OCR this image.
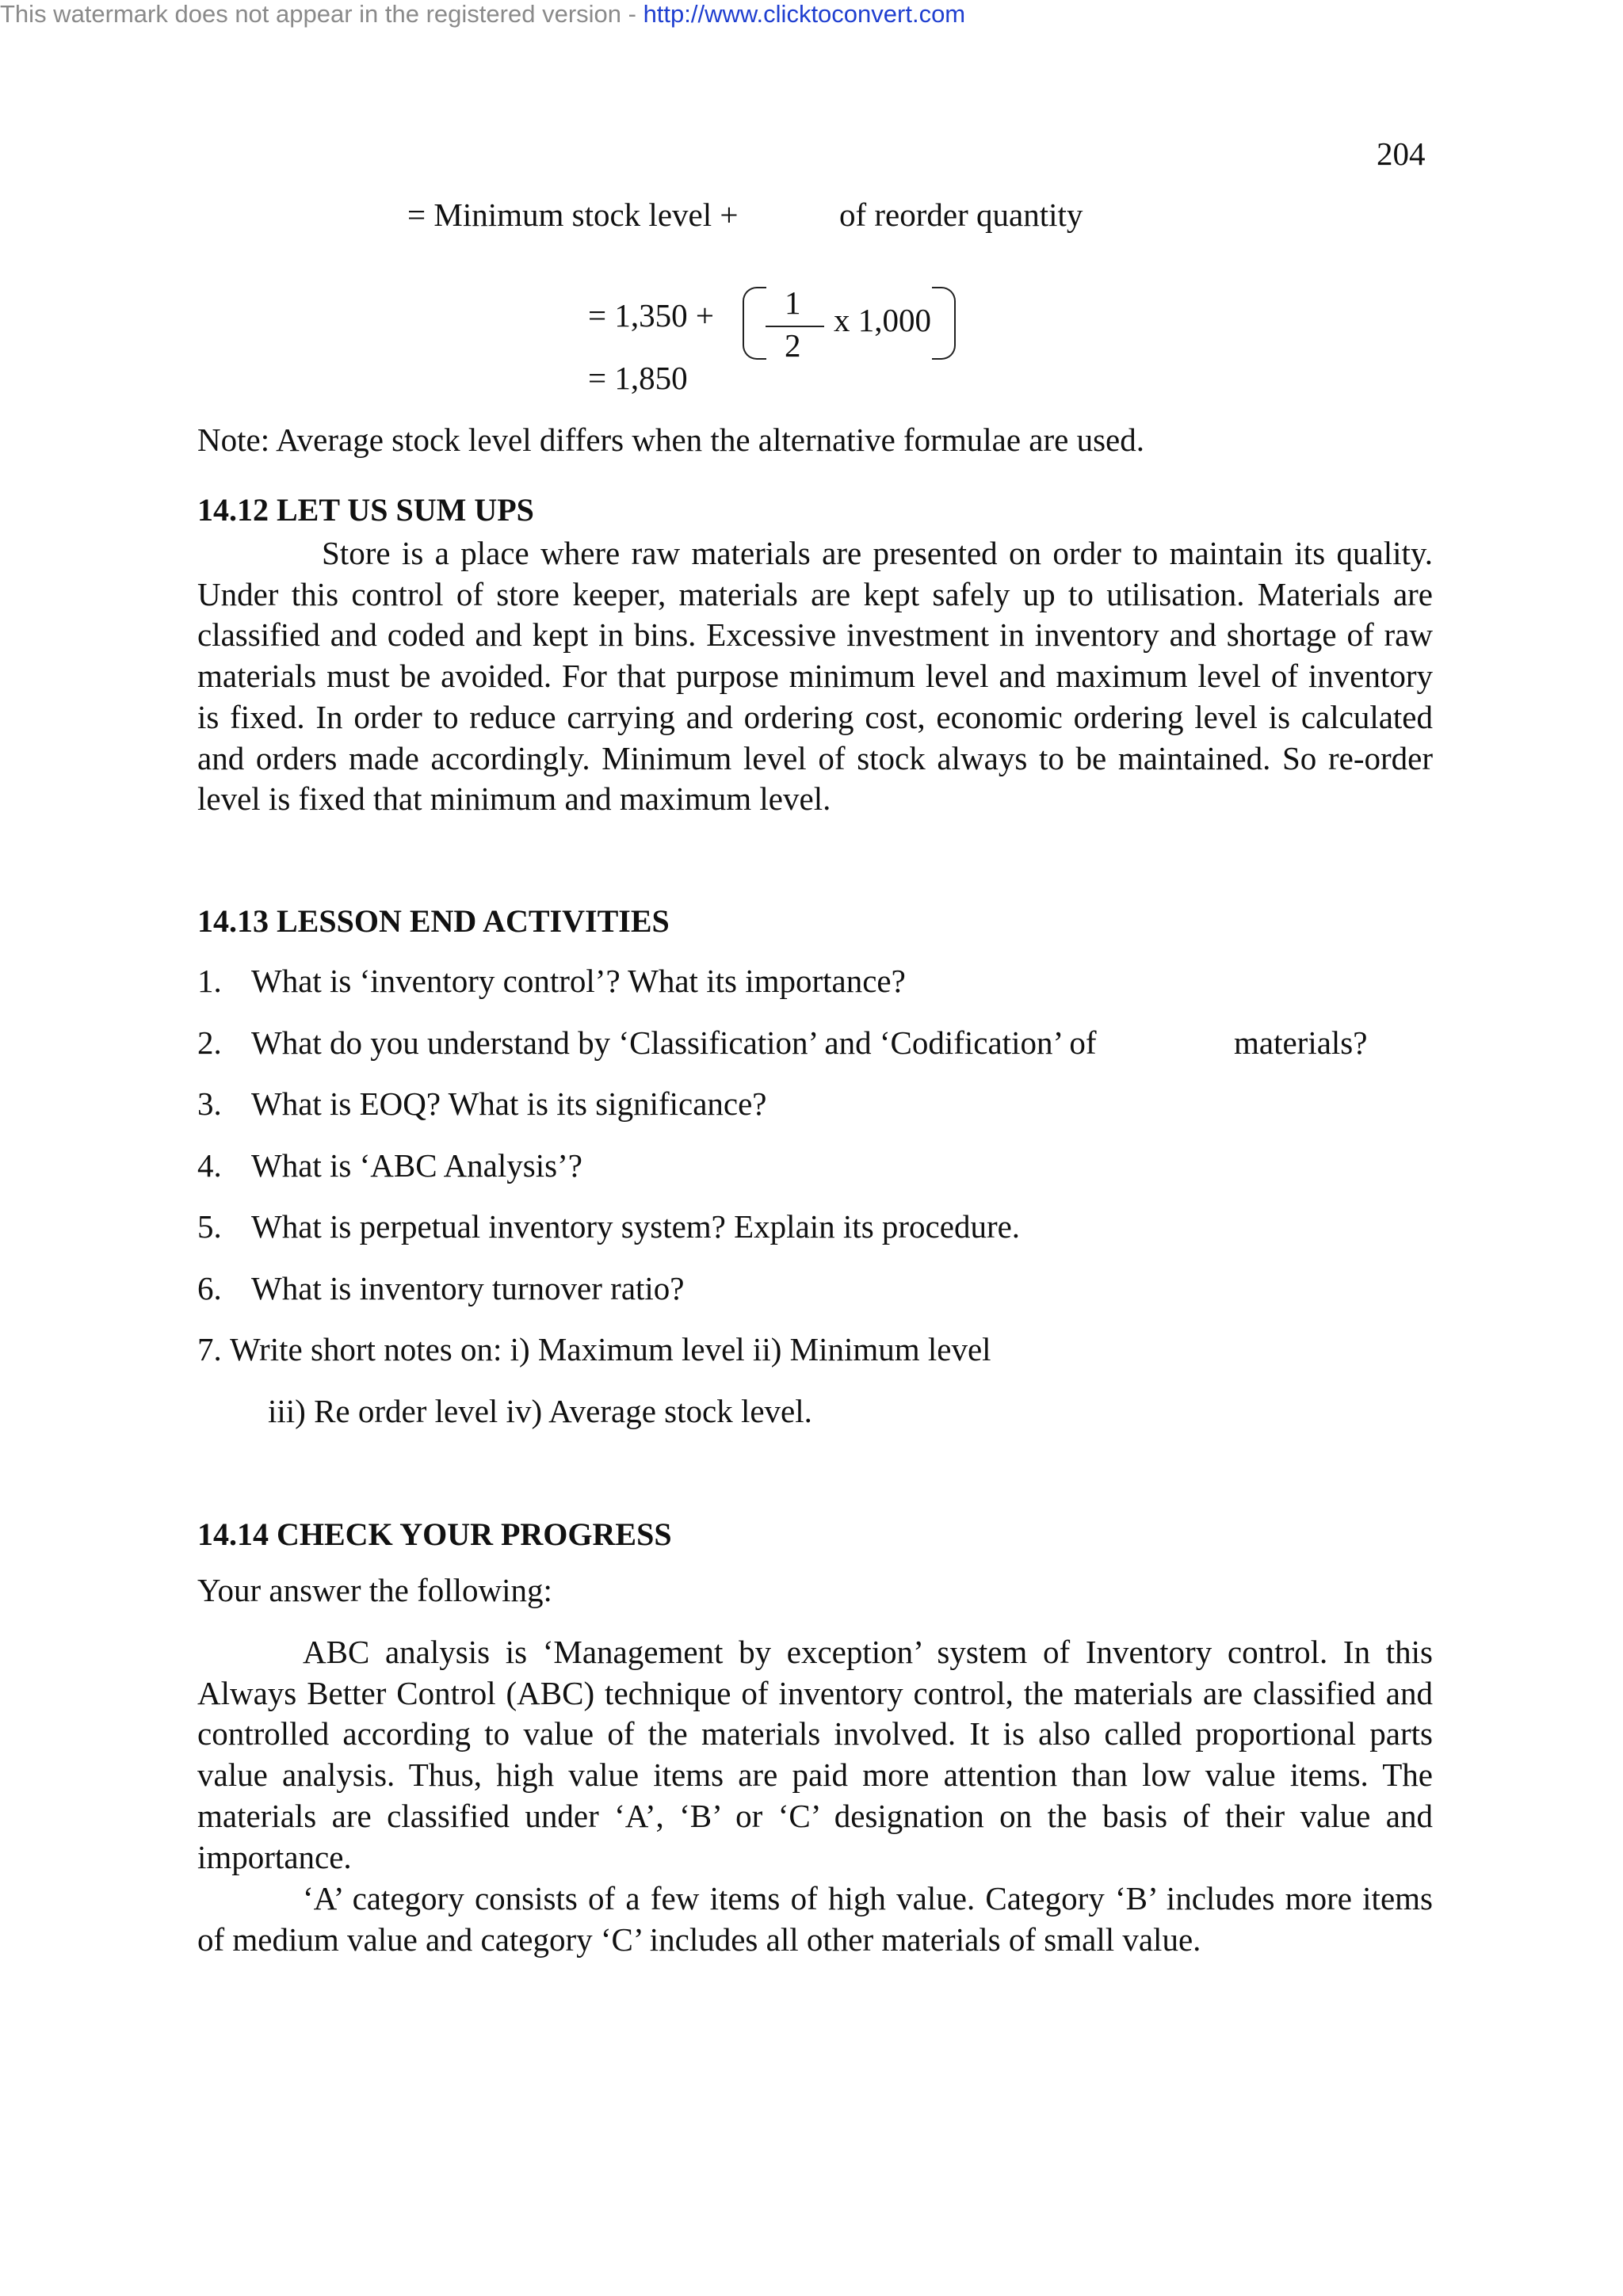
This watermark does not appear in the registered version - http://www.clicktoconvert.com
204
= Minimum stock level +	of reorder quantity
= 1,350 + 1
2
x 1,000
= 1,850
Note: Average stock level differs when the alternative formulae are used.
14.12 LET US SUM UPS

Store is a place where raw materials are presented on order to maintain its quality. Under this control of store keeper, materials are kept safely up to utilisation. Materials are classified and coded and kept in bins. Excessive investment in inventory and shortage of raw materials must be avoided. For that purpose minimum level and maximum level of inventory is fixed. In order to reduce carrying and ordering cost, economic ordering level is calculated and orders made accordingly. Minimum level of stock always to be maintained. So re-order level is fixed that minimum and maximum level.

14.13 LESSON END ACTIVITIES
1. What is ‘inventory control’? What its importance?
2. What do you understand by ‘Classification’ and ‘Codification’ of	materials?
3. What is EOQ? What is its significance?
4. What is ‘ABC Analysis’?
5. What is perpetual inventory system? Explain its procedure.
6. What is inventory turnover ratio?
7. Write short notes on: i) Maximum level ii) Minimum level
iii) Re order level iv) Average stock level.
14.14 CHECK YOUR PROGRESS
Your answer the following:

ABC analysis is ‘Management by exception’ system of Inventory control. In this Always Better Control (ABC) technique of inventory control, the materials are classified and controlled according to value of the materials involved. It is also called proportional parts value analysis. Thus, high value items are paid more attention than low value items. The materials are classified under ‘A’, ‘B’ or ‘C’ designation on the basis of their value and importance.

‘A’ category consists of a few items of high value. Category ‘B’ includes more items of medium value and category ‘C’ includes all other materials of small value.
